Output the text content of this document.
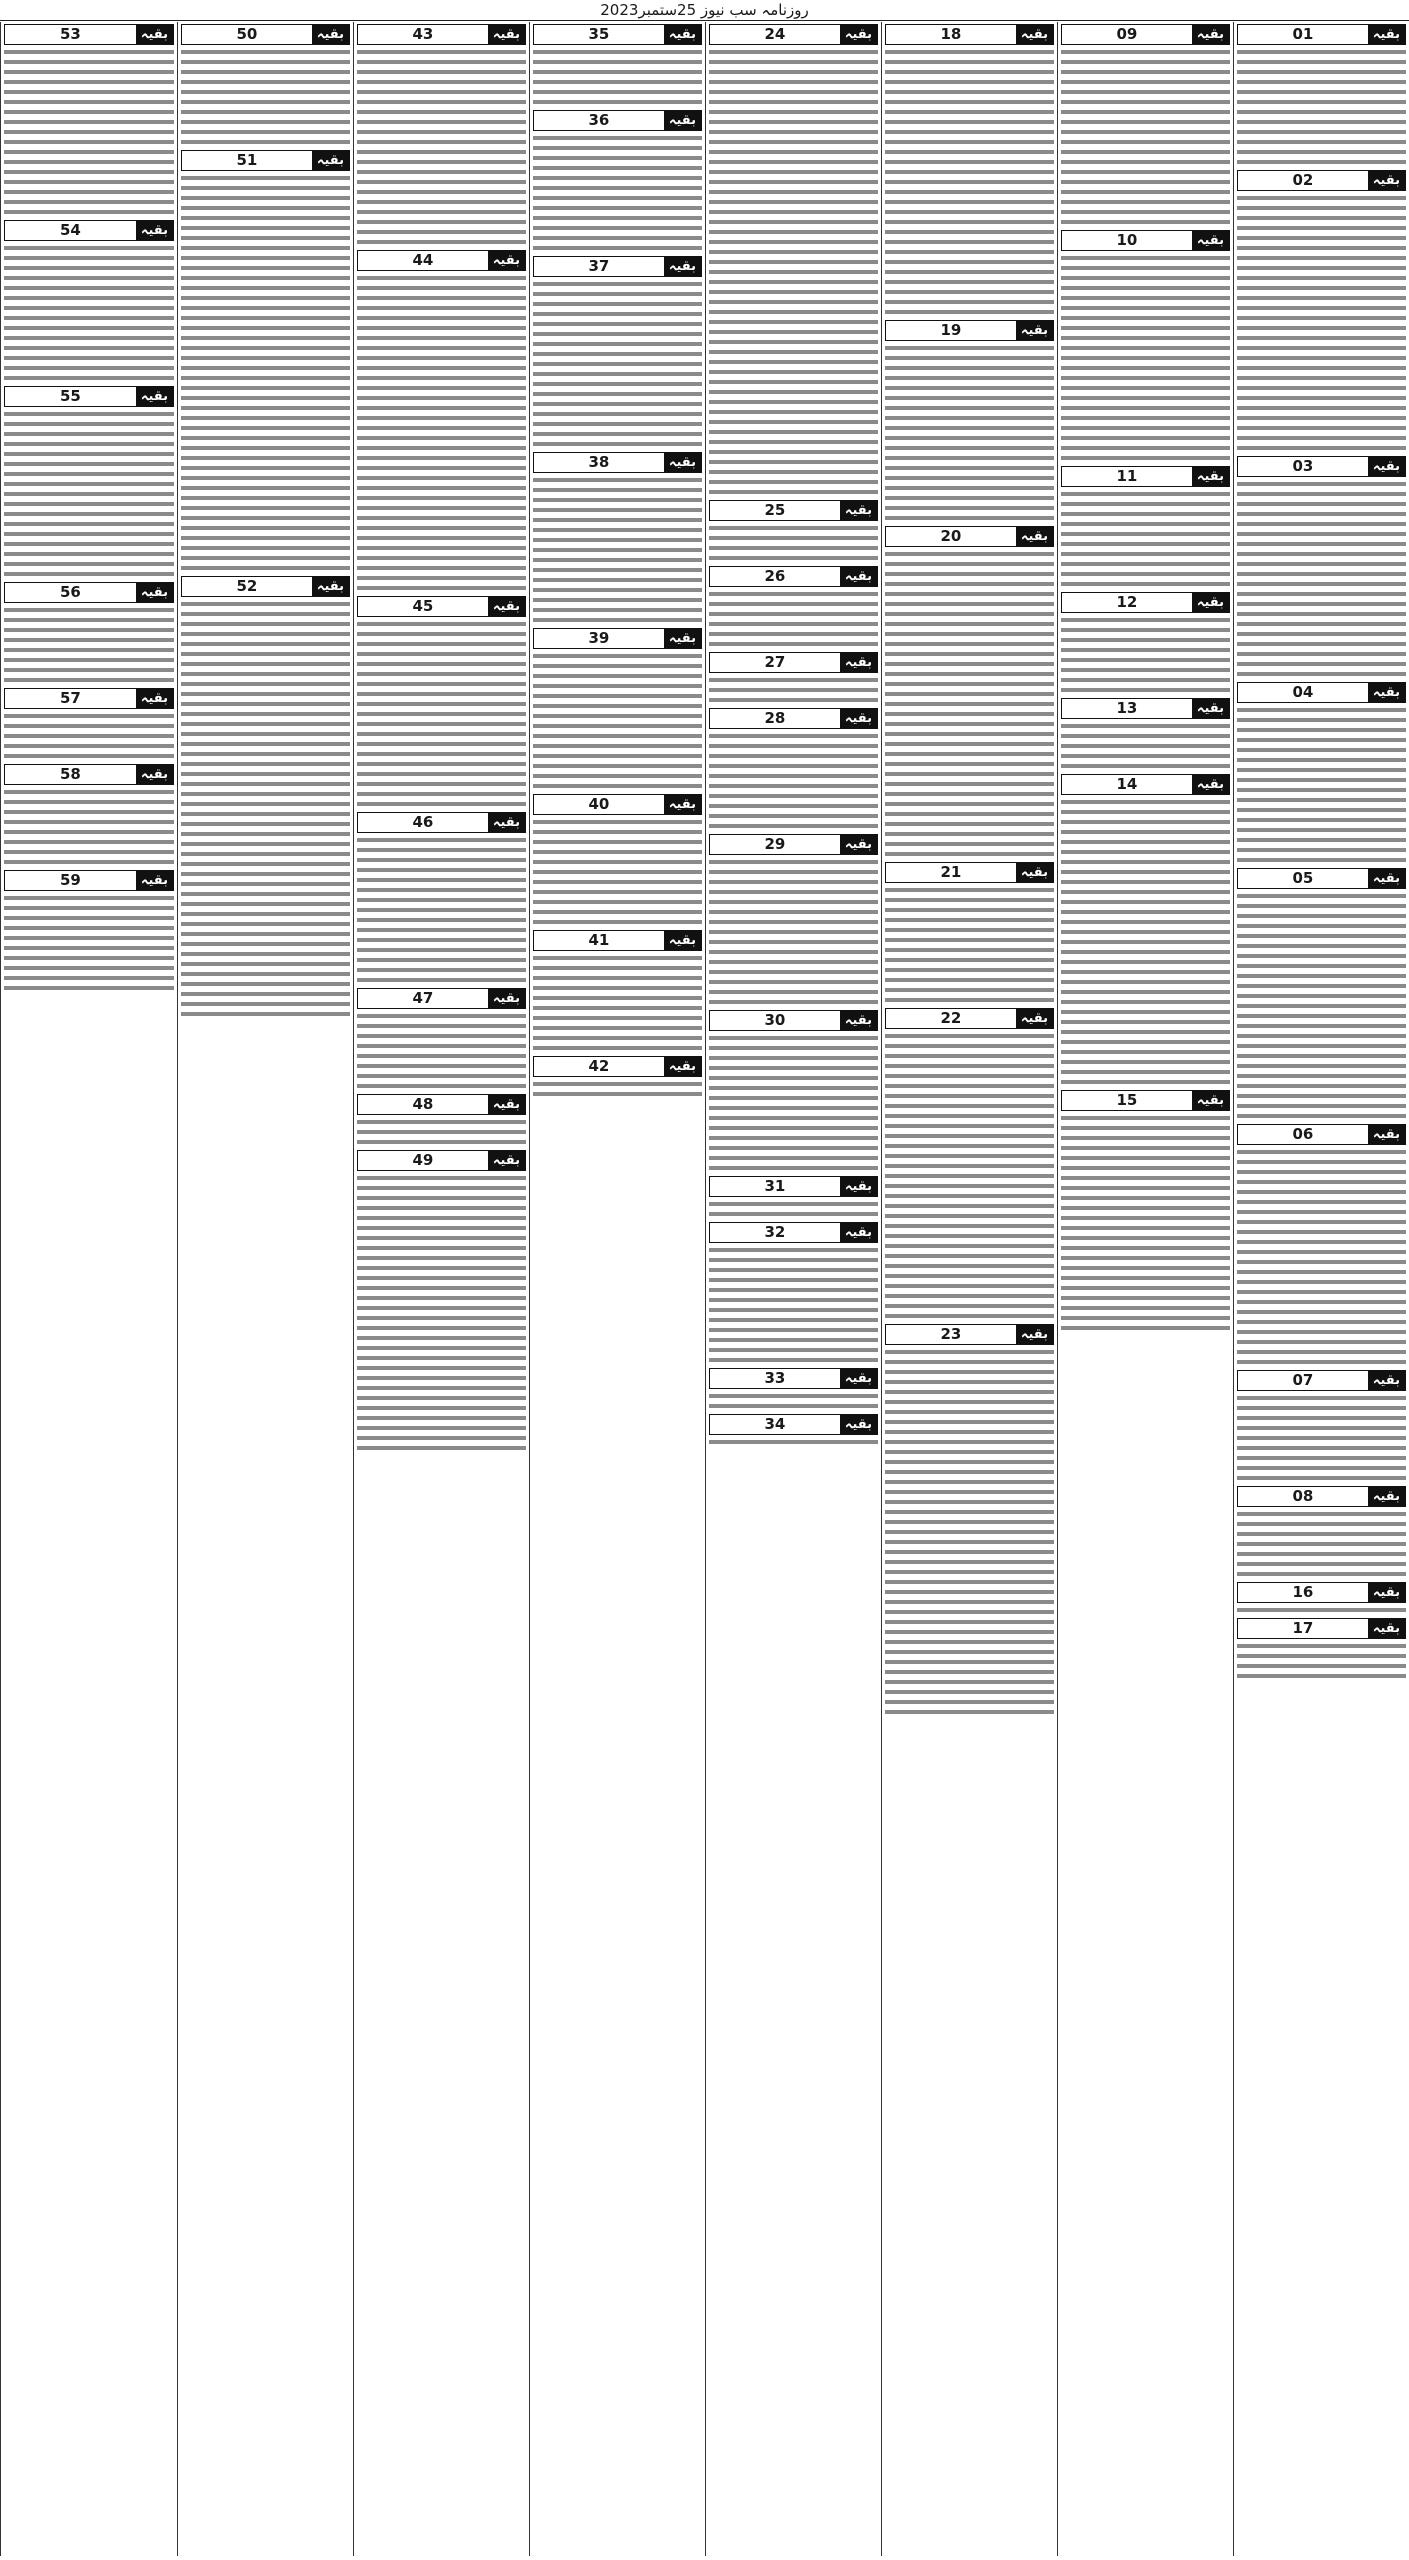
روزنامہ سب نیوز 25ستمبر2023
01	بقیہ
02	بقیہ
03	بقیہ
04	بقیہ
05	بقیہ
06	بقیہ
07	بقیہ
08	بقیہ
16	بقیہ
17	بقیہ
09	بقیہ
10	بقیہ
11	بقیہ
12	بقیہ
13	بقیہ
14	بقیہ
15	بقیہ
18	بقیہ
19	بقیہ
20	بقیہ
21	بقیہ
22	بقیہ
23	بقیہ
24	بقیہ
25	بقیہ
26	بقیہ
27	بقیہ
28	بقیہ
29	بقیہ
30	بقیہ
31	بقیہ
32	بقیہ
33	بقیہ
34	بقیہ
35	بقیہ
36	بقیہ
37	بقیہ
38	بقیہ
39	بقیہ
40	بقیہ
41	بقیہ
42	بقیہ
43	بقیہ
44	بقیہ
45	بقیہ
46	بقیہ
47	بقیہ
48	بقیہ
49	بقیہ
50	بقیہ
51	بقیہ
52	بقیہ
53	بقیہ
54	بقیہ
55	بقیہ
56	بقیہ
57	بقیہ
58	بقیہ
59	بقیہ
